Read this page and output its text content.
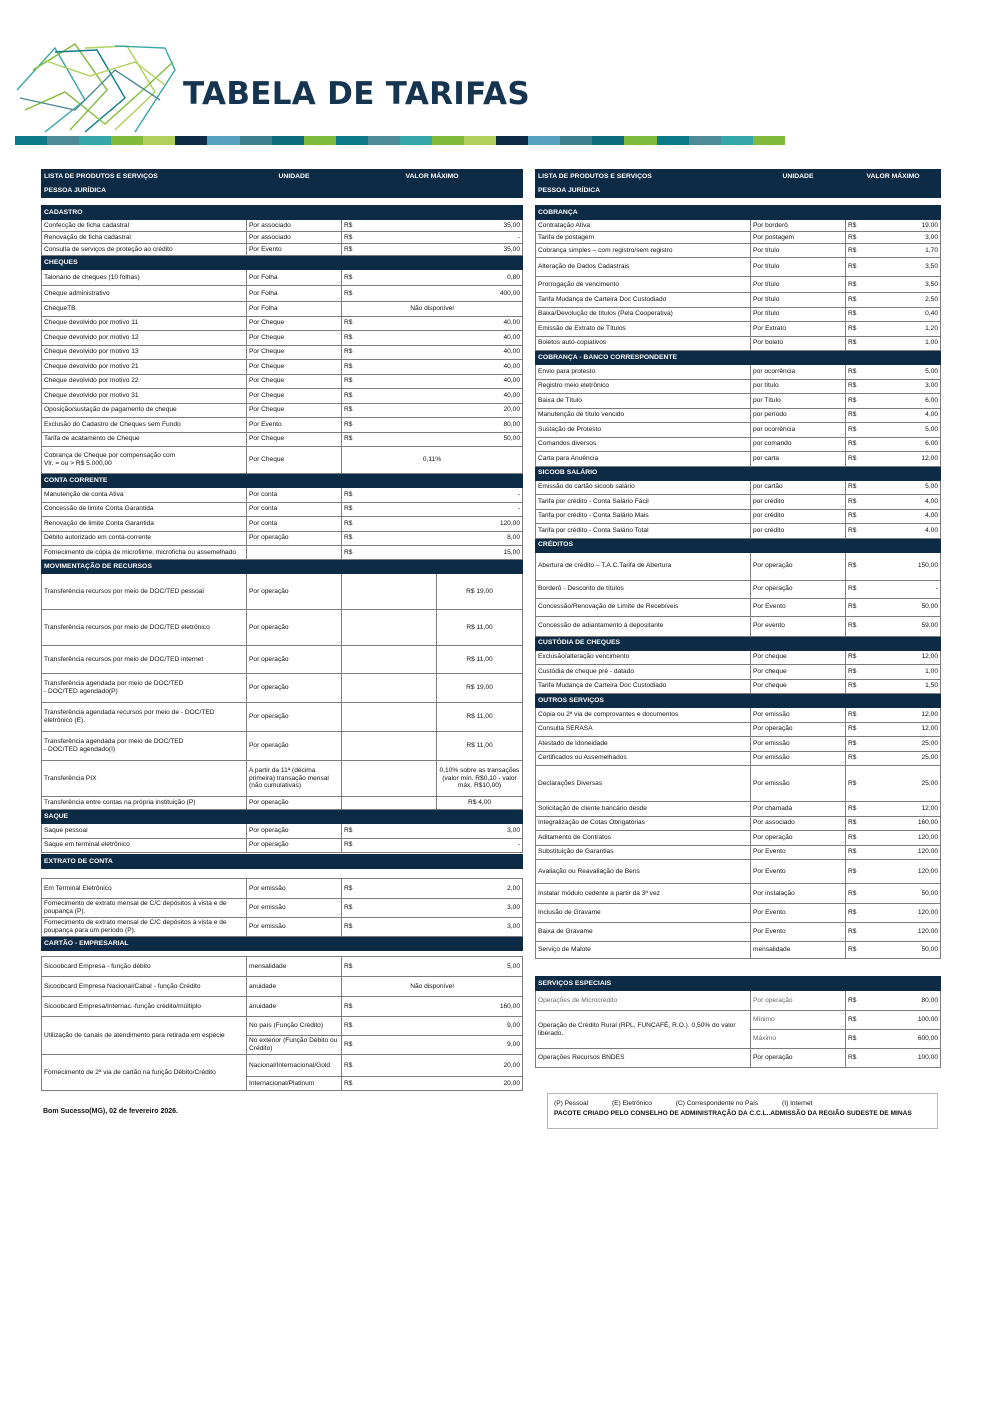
TABELA DE TARIFAS
LISTA DE PRODUTOS E SERVIÇOS	UNIDADE	VALOR MÁXIMO	
PESSOA JURÍDICA			

CADASTRO			
Confecção de ficha cadastral	Por associado	R$ 35,00	

Renovação de ficha cadastral	Por associado	R$ -	

Consulta de serviços de proteção ao crédito	Por Evento	R$ 35,00	

CHEQUES			
Talonário de cheques (10 folhas)	Por Folha	R$ 0,80	

Cheque administrativo	Por Folha	R$ 400,00	

ChequeTB	Por Folha	Não disponível	
Cheque devolvido por motivo 11	Por Cheque	R$ 40,00	

Cheque devolvido por motivo 12	Por Cheque	R$ 40,00	

Cheque devolvido por motivo 13	Por Cheque	R$ 40,00	

Cheque devolvido por motivo 21	Por Cheque	R$ 40,00	

Cheque devolvido por motivo 22	Por Cheque	R$ 40,00	

Cheque devolvido por motivo 31	Por Cheque	R$ 40,00	

Oposição/sustação de pagamento de cheque	Por Cheque	R$ 20,00	

Exclusão do Cadastro de Cheques sem Fundo	Por Evento	R$ 80,00	

Tarifa de acatamento de Cheque	Por Cheque	R$ 50,00	

Cobrança de Cheque por compensação com
Vlr. = ou > R$ 5.000,00	Por Cheque	0,11%	
CONTA CORRENTE			
Manutenção de conta Ativa	Por conta	R$ -	

Concessão de limite Conta Garantida	Por conta	R$ -	

Renovação de limite Conta Garantida	Por conta	R$ 120,00	

Débito autorizado em conta-corrente	Por operação	R$ 8,00	

Fornecimento de cópia de microfilme, microficha ou assemelhado		R$ 15,00	

MOVIMENTAÇÃO DE RECURSOS			
Transferência recursos por meio de DOC/TED pessoal	Por operação		R$ 19,00
Transferência recursos por meio de DOC/TED eletrônico	Por operação		R$ 11,00
Transferência recursos por meio de DOC/TED internet	Por operação		R$ 11,00
Transferência agendada por meio de DOC/TED
- DOC/TED agendado(P)	Por operação		R$ 19,00
Transferência agendada recursos por meio de - DOC/TED eletrônico (E).	Por operação		R$ 11,00
Transferência agendada por meio de DOC/TED
- DOC/TED agendado(I)	Por operação		R$ 11,00
Transferência PIX	A partir da 11ª (décima primeira) transação mensal (não cumulativas)		0,10% sobre as transações (valor mín. R$0,10 - valor máx. R$10,00)
Transferência entre contas na própria instituição (P)	Por operação		R$ 4,00
SAQUE			
Saque pessoal	Por operação	R$ 3,00	

Saque em terminal eletrônico	Por operação	R$ -	

EXTRATO DE CONTA			

Em Terminal Eletrônico	Por emissão	R$ 2,00	

Fornecimento de extrato mensal de C/C depósitos à vista e de poupança (P).	Por emissão	R$ 3,00	

Fornecimento de extrato mensal de C/C depósitos à vista e de poupança para um período (P).	Por emissão	R$ 3,00	

CARTÃO - EMPRESARIAL			

Sicoobcard Empresa - função débito	mensalidade	R$ 5,00	

Sicoobcard Empresa Nacional/Cabal - função Crédito	anuidade	Não disponível	
Sicoobcard Empresa/Internac.-função crédito/múltiplo	anuidade	R$ 160,00	

Utilização de canais de atendimento para retirada em espécie	No país (Função Crédito)	R$ 9,00	

	No exterior (Função Débito ou Crédito)	R$ 9,00	

Fornecimento de 2ª via de cartão na função Débito/Crédito	Nacional/Internacional/Gold	R$ 20,00	

	Internacional/Platinum	R$ 20,00	
LISTA DE PRODUTOS E SERVIÇOS	UNIDADE	VALOR MÁXIMO
PESSOA JURÍDICA		

COBRANÇA		
Contratação Ativa	Por borderô	R$ 19,00

Tarifa de postagem	Por postagem	R$ 3,00

Cobrança simples – com registro/sem registro	Por título	R$ 1,70

Alteração de Dados Cadastrais	Por título	R$ 3,50

Prorrogação de vencimento	Por título	R$ 3,50

Tarifa Mudança de Carteira Doc Custodiado	Por título	R$ 2,50

Baixa/Devolução de títulos (Pela Cooperativa)	Por título	R$ 0,40

Emissão de Extrato de Títulos	Por Extrato	R$ 1,20

Boletos auto-copiativos	Por boleto	R$ 1,00

COBRANÇA - BANCO CORRESPONDENTE		
Envio para protesto	por ocorrência	R$ 5,00

Registro meio eletrônico	por título	R$ 3,00

Baixa de Título	por Título	R$ 6,00

Manutenção de título vencido	por período	R$ 4,00

Sustação de Protesto	por ocorrência	R$ 5,00

Comandos diversos	por comando	R$ 6,00

Carta para Anuência	por carta	R$ 12,00

SICOOB SALÁRIO		
Emissão do cartão sicoob salário	por cartão	R$ 5,00

Tarifa por crédito - Conta Salário Fácil	por crédito	R$ 4,00

Tarifa por crédito - Conta Salário Mais	por crédito	R$ 4,00

Tarifa por crédito - Conta Salário Total	por crédito	R$ 4,00

CRÉDITOS		
Abertura de crédito – T.A.C.Tarifa de Abertura	Por operação	R$ 150,00

Borderô - Desconto de títulos	Por operação	R$ -

Concessão/Renovação de Limite de Recebíveis	Por Evento	R$ 50,00

Concessão de adiantamento à depositante	Por evento	R$ 59,00

CUSTÓDIA DE CHEQUES		
Exclusão/alteração vencimento	Por cheque	R$ 12,00

Custódia de cheque pré - datado	Por cheque	R$ 1,00

Tarifa Mudança de Carteira Doc Custodiado	Por cheque	R$ 1,50

OUTROS SERVIÇOS		
Cópia ou 2ª via de comprovantes e documentos	Por emissão	R$ 12,00

Consulta SERASA	Por operação	R$ 12,00

Atestado de Idoneidade	Por emissão	R$ 25,00

Certificados ou Assemelhados	Por emissão	R$ 25,00

Declarações Diversas	Por emissão	R$ 25,00

Solicitação de cliente bancário desde	Por chamada	R$ 12,00

Integralização de Cotas Obrigatórias	Por associado	R$ 160,00

Aditamento de Contratos	Por operação	R$ 120,00

Substituição de Garantias	Por Evento	R$ 120,00

Avaliação ou Reavaliação de Bens	Por Evento	R$ 120,00

Instalar módulo cedente a partir da 3ª vez	Por instalação	R$ 50,00

Inclusão de Gravame	Por Evento	R$ 120,00

Baixa de Gravame	Por Evento	R$ 120,00

Serviço de Malote	mensalidade	R$ 50,00

SERVIÇOS ESPECIAIS		
Operações de Microcrédito	Por operação	R$ 80,00

Operação de Crédito Rural (RPL, FUNCAFÉ, R.O.). 0,50% do valor liberado.	Mínimo	R$ 100,00

	Máximo	R$ 600,00

Operações Recursos BNDES	Por operação	R$ 100,00
Bom Sucesso(MG), 02 de fevereiro 2026.
(P) Pessoal	(E) Eletrônico	(C) Correspondente no País	(I) Internet
PACOTE CRIADO PELO CONSELHO DE ADMINISTRAÇÃO DA C.C.L..ADMISSÃO DA REGIÃO SUDESTE DE MINAS
